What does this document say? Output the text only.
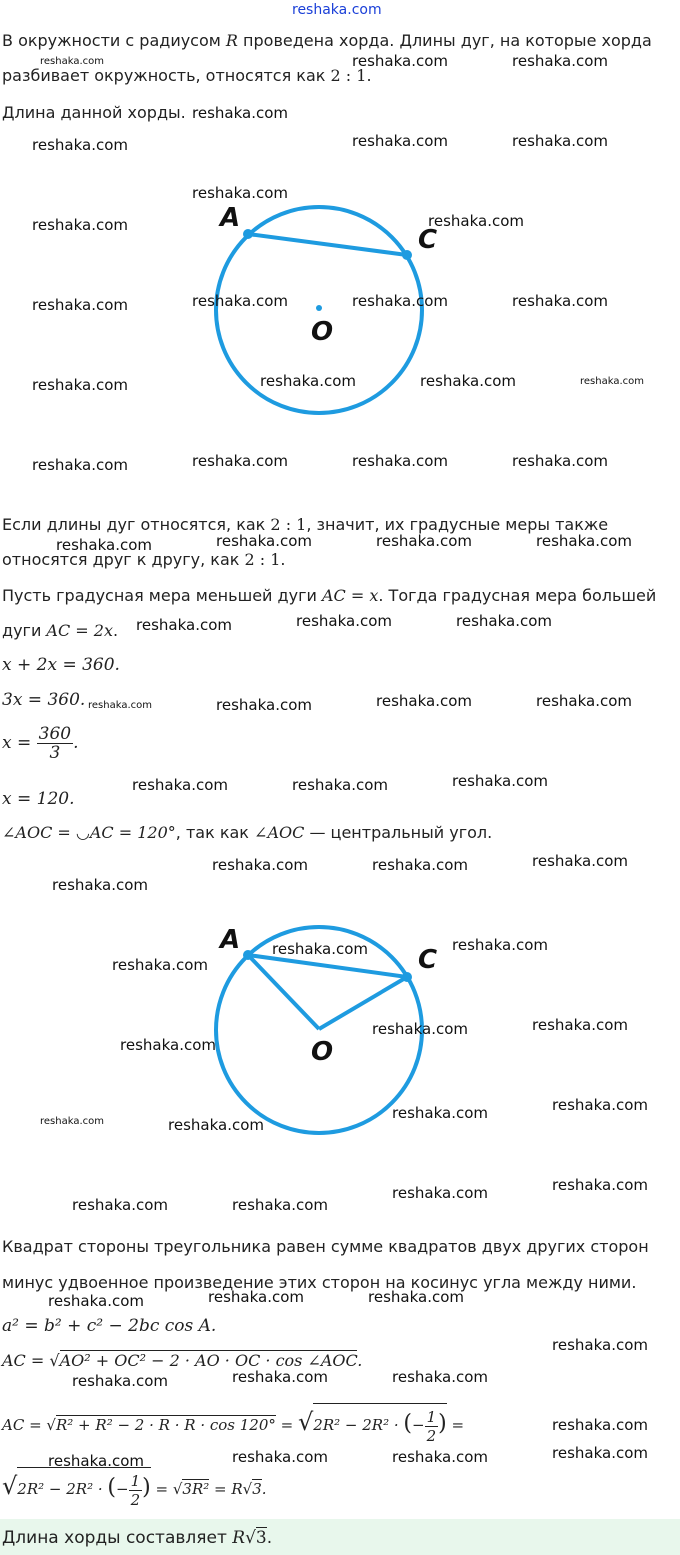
reshaka.com
В окружности с радиусом R проведена хорда. Длины дуг, на которые хорда
разбивает окружность, относятся как 2 : 1.
Длина данной хорды.
A
C
O
Если длины дуг относятся, как 2 : 1, значит, их градусные меры также
относятся друг к другу, как 2 : 1.
Пусть градусная мера меньшей дуги AC = x. Тогда градусная мера большей
дуги AC = 2x.
x + 2x = 360.
3x = 360.
$x = \frac{360}{3}$ .
x = 120.
∠AOC = ◡AC = 120°, так как ∠AOC — центральный угол.
A
C
O
Квадрат стороны треугольника равен сумме квадратов двух других сторон
минус удвоенное произведение этих сторон на косинус угла между ними.
a² = b² + c² − 2bc cos A.
AC = √AO² + OC² − 2 · AO · OC · cos ∠AOC.
AC = √R² + R² − 2 · R · R · cos 120° = √2R² − 2R² · (− $\frac{1}{2}$ ) =
√2R² − 2R² · (− $\frac{1}{2}$ ) = √3R² = R√3.
Длина хорды составляет R√3.
reshaka.com	reshaka.com	reshaka.com
reshaka.com
reshaka.com	reshaka.com	reshaka.com
reshaka.com
reshaka.com	reshaka.com
reshaka.com	reshaka.com	reshaka.com	reshaka.com
reshaka.com	reshaka.com	reshaka.com	reshaka.com
reshaka.com	reshaka.com	reshaka.com	reshaka.com
reshaka.com	reshaka.com	reshaka.com	reshaka.com
reshaka.com	reshaka.com	reshaka.com
reshaka.com	reshaka.com	reshaka.com	reshaka.com
reshaka.com	reshaka.com	reshaka.com
reshaka.com	reshaka.com	reshaka.com
reshaka.com
reshaka.com	reshaka.com
reshaka.com
reshaka.com	reshaka.com
reshaka.com
reshaka.com	reshaka.com
reshaka.com	reshaka.com
reshaka.com	reshaka.com
reshaka.com	reshaka.com
reshaka.com	reshaka.com	reshaka.com
reshaka.com
reshaka.com	reshaka.com	reshaka.com
reshaka.com
reshaka.com
reshaka.com	reshaka.com	reshaka.com
